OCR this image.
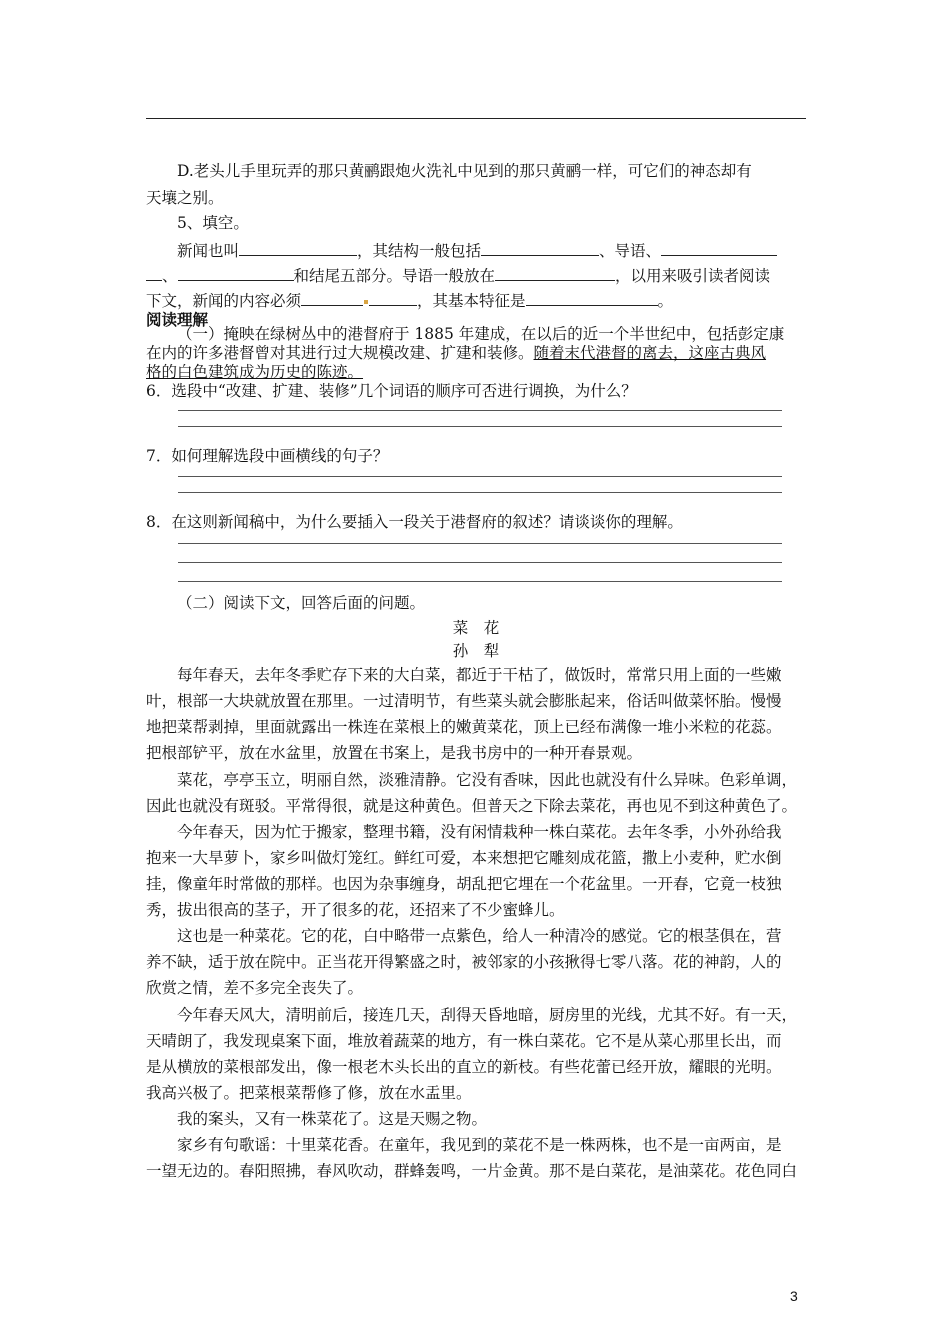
D.老头儿手里玩弄的那只黄鹂跟炮火洗礼中见到的那只黄鹂一样，可它们的神态却有
天壤之别。
5、填空。
新闻也叫	，其结构一般包括	、导语、
、	和结尾五部分。导语一般放在	，以用来吸引读者阅读
下文，新闻的内容必须	，其基本特征是	。
阅读理解
（一）掩映在绿树丛中的港督府于 1885 年建成，在以后的近一个半世纪中，包括彭定康
在内的许多港督曾对其进行过大规模改建、扩建和装修。随着末代港督的离去，这座古典风
格的白色建筑成为历史的陈迹。
6．选段中“改建、扩建、装修”几个词语的顺序可否进行调换，为什么？
7．如何理解选段中画横线的句子？
8．在这则新闻稿中，为什么要插入一段关于港督府的叙述？请谈谈你的理解。
（二）阅读下文，回答后面的问题。
菜　花
孙　犁
每年春天，去年冬季贮存下来的大白菜，都近于干枯了，做饭时，常常只用上面的一些嫩
叶，根部一大块就放置在那里。一过清明节，有些菜头就会膨胀起来，俗话叫做菜怀胎。慢慢
地把菜帮剥掉，里面就露出一株连在菜根上的嫩黄菜花，顶上已经布满像一堆小米粒的花蕊。
把根部铲平，放在水盆里，放置在书案上，是我书房中的一种开春景观。
菜花，亭亭玉立，明丽自然，淡雅清静。它没有香味，因此也就没有什么异味。色彩单调，
因此也就没有斑驳。平常得很，就是这种黄色。但普天之下除去菜花，再也见不到这种黄色了。
今年春天，因为忙于搬家，整理书籍，没有闲情栽种一株白菜花。去年冬季，小外孙给我
抱来一大旱萝卜，家乡叫做灯笼红。鲜红可爱，本来想把它雕刻成花篮，撒上小麦种，贮水倒
挂，像童年时常做的那样。也因为杂事缠身，胡乱把它埋在一个花盆里。一开春，它竟一枝独
秀，拔出很高的茎子，开了很多的花，还招来了不少蜜蜂儿。
这也是一种菜花。它的花，白中略带一点紫色，给人一种清冷的感觉。它的根茎俱在，营
养不缺，适于放在院中。正当花开得繁盛之时，被邻家的小孩揪得七零八落。花的神韵，人的
欣赏之情，差不多完全丧失了。
今年春天风大，清明前后，接连几天，刮得天昏地暗，厨房里的光线，尤其不好。有一天，
天晴朗了，我发现桌案下面，堆放着蔬菜的地方，有一株白菜花。它不是从菜心那里长出，而
是从横放的菜根部发出，像一根老木头长出的直立的新枝。有些花蕾已经开放，耀眼的光明。
我高兴极了。把菜根菜帮修了修，放在水盂里。
我的案头，又有一株菜花了。这是天赐之物。
家乡有句歌谣：十里菜花香。在童年，我见到的菜花不是一株两株，也不是一亩两亩，是
一望无边的。春阳照拂，春风吹动，群蜂轰鸣，一片金黄。那不是白菜花，是油菜花。花色同白
3
